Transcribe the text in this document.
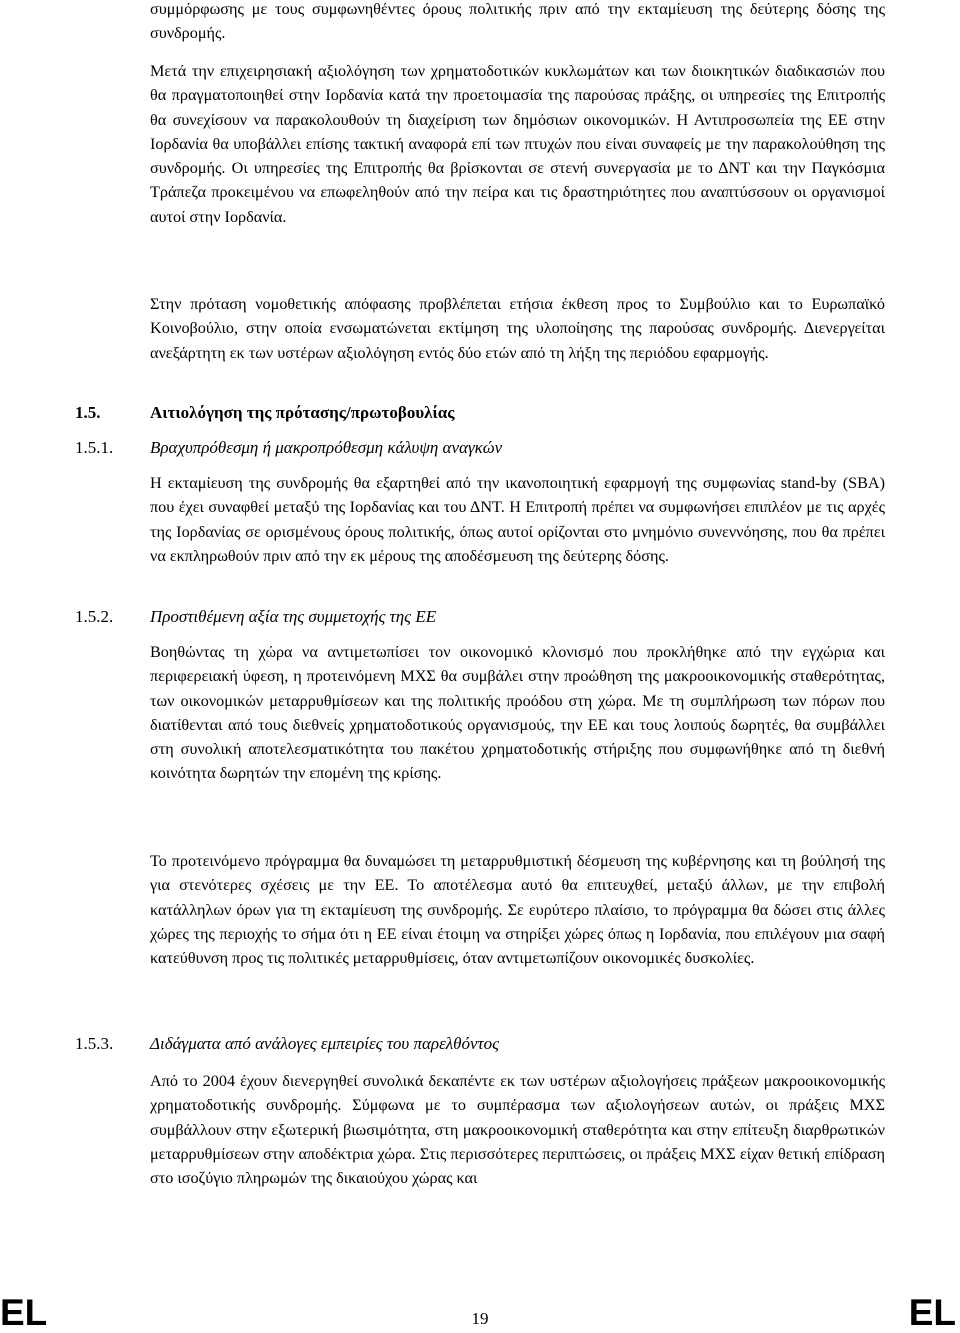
συμμόρφωσης με τους συμφωνηθέντες όρους πολιτικής πριν από την εκταμίευση της δεύτερης δόσης της συνδρομής.

Μετά την επιχειρησιακή αξιολόγηση των χρηματοδοτικών κυκλωμάτων και των διοικητικών διαδικασιών που θα πραγματοποιηθεί στην Ιορδανία κατά την προετοιμασία της παρούσας πράξης, οι υπηρεσίες της Επιτροπής θα συνεχίσουν να παρακολουθούν τη διαχείριση των δημόσιων οικονομικών. Η Αντιπροσωπεία της ΕΕ στην Ιορδανία θα υποβάλλει επίσης τακτική αναφορά επί των πτυχών που είναι συναφείς με την παρακολούθηση της συνδρομής. Οι υπηρεσίες της Επιτροπής θα βρίσκονται σε στενή συνεργασία με το ΔΝΤ και την Παγκόσμια Τράπεζα προκειμένου να επωφεληθούν από την πείρα και τις δραστηριότητες που αναπτύσσουν οι οργανισμοί αυτοί στην Ιορδανία.

Στην πρόταση νομοθετικής απόφασης προβλέπεται ετήσια έκθεση προς το Συμβούλιο και το Ευρωπαϊκό Κοινοβούλιο, στην οποία ενσωματώνεται εκτίμηση της υλοποίησης της παρούσας συνδρομής. Διενεργείται ανεξάρτητη εκ των υστέρων αξιολόγηση εντός δύο ετών από τη λήξη της περιόδου εφαρμογής.

1.5.	Αιτιολόγηση της πρότασης/πρωτοβουλίας
1.5.1. Βραχυπρόθεσμη ή μακροπρόθεσμη κάλυψη αναγκών

Η εκταμίευση της συνδρομής θα εξαρτηθεί από την ικανοποιητική εφαρμογή της συμφωνίας stand-by (SBA) που έχει συναφθεί μεταξύ της Ιορδανίας και του ΔΝΤ. Η Επιτροπή πρέπει να συμφωνήσει επιπλέον με τις αρχές της Ιορδανίας σε ορισμένους όρους πολιτικής, όπως αυτοί ορίζονται στο μνημόνιο συνεννόησης, που θα πρέπει να εκπληρωθούν πριν από την εκ μέρους της αποδέσμευση της δεύτερης δόσης.

1.5.2. Προστιθέμενη αξία της συμμετοχής της ΕΕ

Βοηθώντας τη χώρα να αντιμετωπίσει τον οικονομικό κλονισμό που προκλήθηκε από την εγχώρια και περιφερειακή ύφεση, η προτεινόμενη ΜΧΣ θα συμβάλει στην προώθηση της μακροοικονομικής σταθερότητας, των οικονομικών μεταρρυθμίσεων και της πολιτικής προόδου στη χώρα. Με τη συμπλήρωση των πόρων που διατίθενται από τους διεθνείς χρηματοδοτικούς οργανισμούς, την ΕΕ και τους λοιπούς δωρητές, θα συμβάλλει στη συνολική αποτελεσματικότητα του πακέτου χρηματοδοτικής στήριξης που συμφωνήθηκε από τη διεθνή κοινότητα δωρητών την επομένη της κρίσης.

Το προτεινόμενο πρόγραμμα θα δυναμώσει τη μεταρρυθμιστική δέσμευση της κυβέρνησης και τη βούλησή της για στενότερες σχέσεις με την ΕΕ. Το αποτέλεσμα αυτό θα επιτευχθεί, μεταξύ άλλων, με την επιβολή κατάλληλων όρων για τη εκταμίευση της συνδρομής. Σε ευρύτερο πλαίσιο, το πρόγραμμα θα δώσει στις άλλες χώρες της περιοχής το σήμα ότι η ΕΕ είναι έτοιμη να στηρίξει χώρες όπως η Ιορδανία, που επιλέγουν μια σαφή κατεύθυνση προς τις πολιτικές μεταρρυθμίσεις, όταν αντιμετωπίζουν οικονομικές δυσκολίες.

1.5.3. Διδάγματα από ανάλογες εμπειρίες του παρελθόντος

Από το 2004 έχουν διενεργηθεί συνολικά δεκαπέντε εκ των υστέρων αξιολογήσεις πράξεων μακροοικονομικής χρηματοδοτικής συνδρομής. Σύμφωνα με το συμπέρασμα των αξιολογήσεων αυτών, οι πράξεις ΜΧΣ συμβάλλουν στην εξωτερική βιωσιμότητα, στη μακροοικονομική σταθερότητα και στην επίτευξη διαρθρωτικών μεταρρυθμίσεων στην αποδέκτρια χώρα. Στις περισσότερες περιπτώσεις, οι πράξεις ΜΧΣ είχαν θετική επίδραση στο ισοζύγιο πληρωμών της δικαιούχου χώρας και

EL	19	EL
